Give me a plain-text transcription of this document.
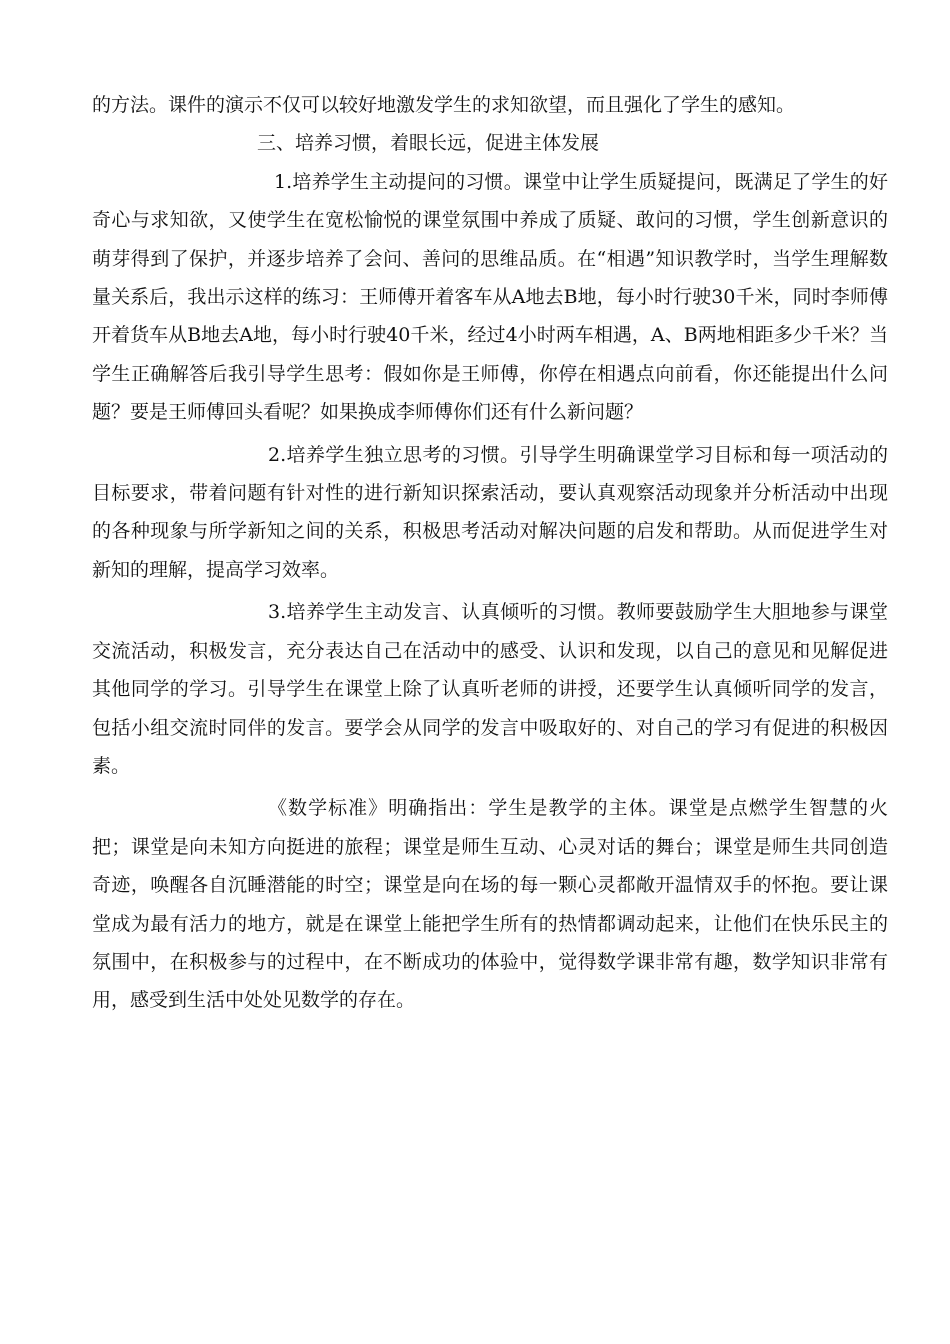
的方法。课件的演示不仅可以较好地激发学生的求知欲望，而且强化了学生的感知。

三、培养习惯，着眼长远，促进主体发展

1.培养学生主动提问的习惯。课堂中让学生质疑提问，既满足了学生的好奇心与求知欲，又使学生在宽松愉悦的课堂氛围中养成了质疑、敢问的习惯，学生创新意识的萌芽得到了保护，并逐步培养了会问、善问的思维品质。在“相遇”知识教学时，当学生理解数量关系后，我出示这样的练习：王师傅开着客车从A地去B地，每小时行驶30千米，同时李师傅开着货车从B地去A地，每小时行驶40千米，经过4小时两车相遇，A、B两地相距多少千米？当学生正确解答后我引导学生思考：假如你是王师傅，你停在相遇点向前看，你还能提出什么问题？要是王师傅回头看呢？如果换成李师傅你们还有什么新问题？

2.培养学生独立思考的习惯。引导学生明确课堂学习目标和每一项活动的目标要求，带着问题有针对性的进行新知识探索活动，要认真观察活动现象并分析活动中出现的各种现象与所学新知之间的关系，积极思考活动对解决问题的启发和帮助。从而促进学生对新知的理解，提高学习效率。

3.培养学生主动发言、认真倾听的习惯。教师要鼓励学生大胆地参与课堂交流活动，积极发言，充分表达自己在活动中的感受、认识和发现，以自己的意见和见解促进其他同学的学习。引导学生在课堂上除了认真听老师的讲授，还要学生认真倾听同学的发言，包括小组交流时同伴的发言。要学会从同学的发言中吸取好的、对自己的学习有促进的积极因素。

《数学标准》明确指出：学生是教学的主体。课堂是点燃学生智慧的火把；课堂是向未知方向挺进的旅程；课堂是师生互动、心灵对话的舞台；课堂是师生共同创造奇迹，唤醒各自沉睡潜能的时空；课堂是向在场的每一颗心灵都敞开温情双手的怀抱。要让课堂成为最有活力的地方，就是在课堂上能把学生所有的热情都调动起来，让他们在快乐民主的氛围中，在积极参与的过程中，在不断成功的体验中，觉得数学课非常有趣，数学知识非常有用，感受到生活中处处见数学的存在。
